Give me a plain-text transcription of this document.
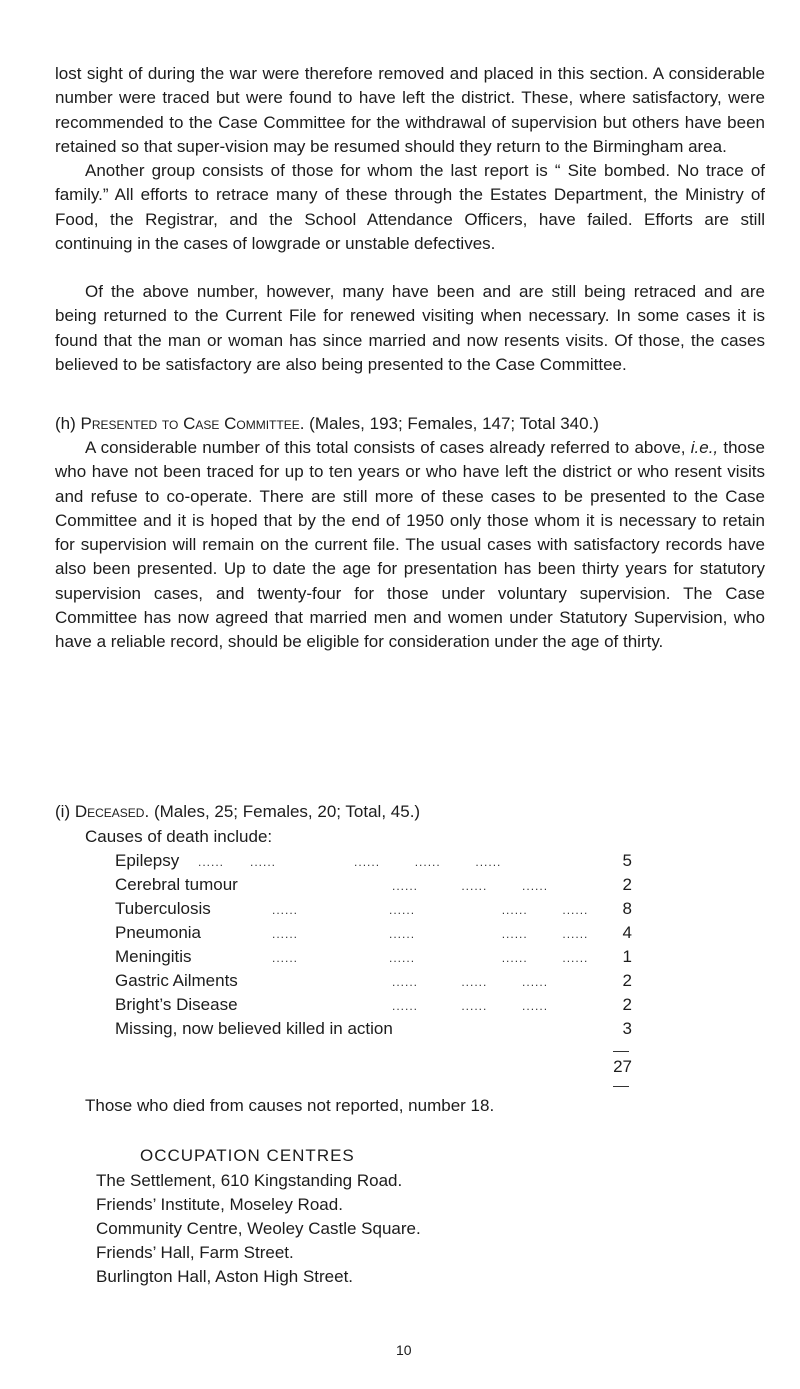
lost sight of during the war were therefore removed and placed in this section. A considerable number were traced but were found to have left the district. These, where satisfactory, were recommended to the Case Committee for the withdrawal of supervision but others have been retained so that super-vision may be resumed should they return to the Birmingham area.

Another group consists of those for whom the last report is “ Site bombed. No trace of family.” All efforts to retrace many of these through the Estates Department, the Ministry of Food, the Registrar, and the School Attendance Officers, have failed. Efforts are still continuing in the cases of lowgrade or unstable defectives.

Of the above number, however, many have been and are still being retraced and are being returned to the Current File for renewed visiting when necessary. In some cases it is found that the man or woman has since married and now resents visits. Of those, the cases believed to be satisfactory are also being presented to the Case Committee.

(h) Presented to Case Committee. (Males, 193; Females, 147; Total 340.)

A considerable number of this total consists of cases already referred to above, i.e., those who have not been traced for up to ten years or who have left the district or who resent visits and refuse to co-operate. There are still more of these cases to be presented to the Case Committee and it is hoped that by the end of 1950 only those whom it is necessary to retain for supervision will remain on the current file. The usual cases with satisfactory records have also been presented. Up to date the age for presentation has been thirty years for statutory supervision cases, and twenty-four for those under voluntary supervision. The Case Committee has now agreed that married men and women under Statutory Supervision, who have a reliable record, should be eligible for consideration under the age of thirty.

(i) Deceased. (Males, 25; Females, 20; Total, 45.)
Causes of death include:
Epilepsy ......      ......                  ......        ......        ......	5
Cerebral tumour	......          ......        ......	2
Tuberculosis	......                     ......                    ......        ......	8
Pneumonia	......                     ......                    ......        ......	4
Meningitis	......                     ......                    ......        ......	1
Gastric Ailments	......          ......        ......	2
Bright’s Disease	......          ......        ......	2
Missing, now believed killed in action	3
27
Those who died from causes not reported, number 18.
OCCUPATION CENTRES
The Settlement, 610 Kingstanding Road.
Friends’ Institute, Moseley Road.
Community Centre, Weoley Castle Square.
Friends’ Hall, Farm Street.
Burlington Hall, Aston High Street.
10
